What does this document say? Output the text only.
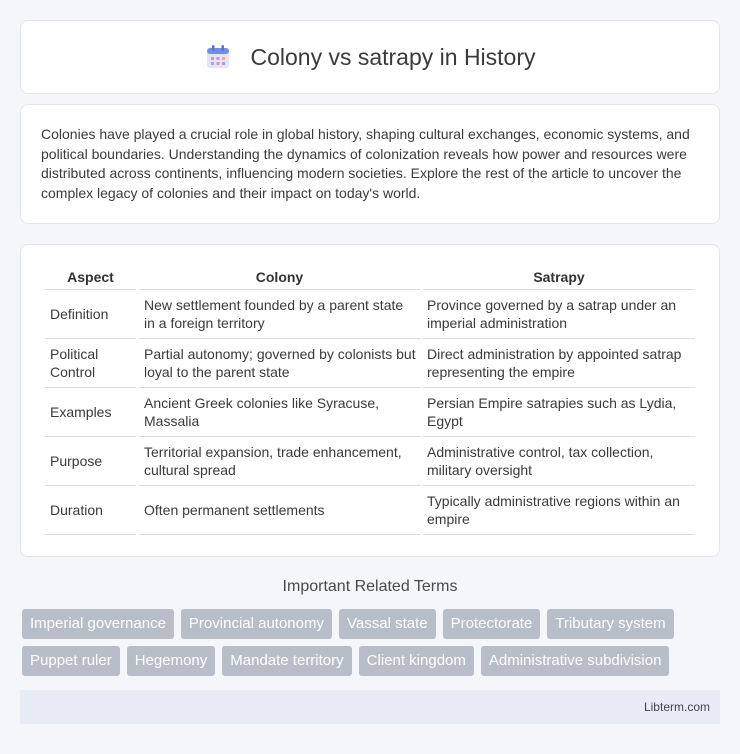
Colony vs satrapy in History

Colonies have played a crucial role in global history, shaping cultural exchanges, economic systems, and political boundaries. Understanding the dynamics of colonization reveals how power and resources were distributed across continents, influencing modern societies. Explore the rest of the article to uncover the complex legacy of colonies and their impact on today's world.

Aspect	Colony	Satrapy
Definition	New settlement founded by a parent state in a foreign territory	Province governed by a satrap under an imperial administration
Political Control	Partial autonomy; governed by colonists but loyal to the parent state	Direct administration by appointed satrap representing the empire
Examples	Ancient Greek colonies like Syracuse, Massalia	Persian Empire satrapies such as Lydia, Egypt
Purpose	Territorial expansion, trade enhancement, cultural spread	Administrative control, tax collection, military oversight
Duration	Often permanent settlements	Typically administrative regions within an empire
Important Related Terms
Imperial governance	Provincial autonomy	Vassal state	Protectorate	Tributary system
Puppet ruler	Hegemony	Mandate territory	Client kingdom	Administrative subdivision
Libterm.com
